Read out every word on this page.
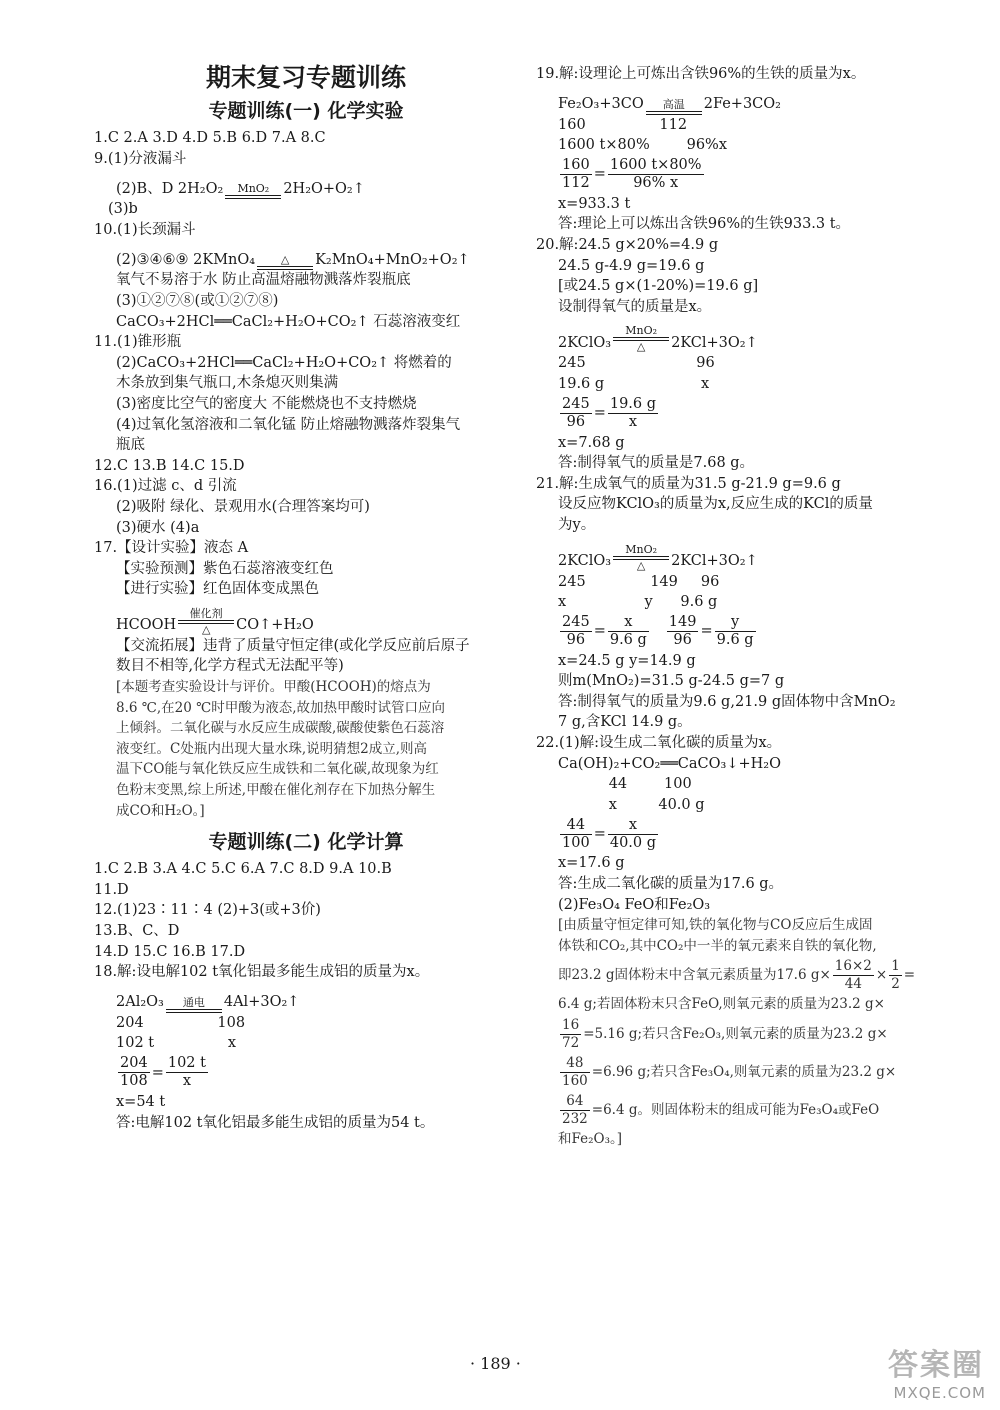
期末复习专题训练
专题训练(一) 化学实验
1.C 2.A 3.D 4.D 5.B 6.D 7.A 8.C
9.(1)分液漏斗
(2)B、D 2H₂O₂	MnO₂ 2H₂O+O₂↑
(3)b
10.(1)长颈漏斗
(2)③④⑥⑨ 2KMnO₄	△	K₂MnO₄+MnO₂+O₂↑
氧气不易溶于水 防止高温熔融物溅落炸裂瓶底
(3)①②⑦⑧(或①②⑦⑧)
CaCO₃+2HCl══CaCl₂+H₂O+CO₂↑ 石蕊溶液变红
11.(1)锥形瓶
(2)CaCO₃+2HCl══CaCl₂+H₂O+CO₂↑ 将燃着的
木条放到集气瓶口,木条熄灭则集满
(3)密度比空气的密度大 不能燃烧也不支持燃烧
(4)过氧化氢溶液和二氧化锰 防止熔融物溅落炸裂集气
瓶底
12.C 13.B 14.C 15.D
16.(1)过滤 c、d 引流
(2)吸附 绿化、景观用水(合理答案均可)
(3)硬水 (4)a
17.【设计实验】液态 A
【实验预测】紫色石蕊溶液变红色
【进行实验】红色固体变成黑色
HCOOH
催化剂
△	CO↑+H₂O
【交流拓展】违背了质量守恒定律(或化学反应前后原子
数目不相等,化学方程式无法配平等)
[本题考查实验设计与评价。甲酸(HCOOH)的熔点为
8.6 ℃,在20 ℃时甲酸为液态,故加热甲酸时试管口应向
上倾斜。二氧化碳与水反应生成碳酸,碳酸使紫色石蕊溶
液变红。C处瓶内出现大量水珠,说明猜想2成立,则高
温下CO能与氧化铁反应生成铁和二氧化碳,故现象为红
色粉末变黑,综上所述,甲酸在催化剂存在下加热分解生
成CO和H₂O。]
专题训练(二) 化学计算
1.C 2.B 3.A 4.C 5.C 6.A 7.C 8.D 9.A 10.B
11.D
12.(1)23∶11∶4 (2)+3(或+3价)
13.B、C、D
14.D 15.C 16.B 17.D
18.解:设电解102 t氧化铝最多能生成铝的质量为x。
2Al₂O₃	通电	4Al+3O₂↑
204                108
102 t                x
$\frac{204}{108} = \frac{102 t}{x}$
x=54 t
答:电解102 t氧化铝最多能生成铝的质量为54 t。
19.解:设理论上可炼出含铁96%的生铁的质量为x。
Fe₂O₃+3CO	高温	2Fe+3CO₂
160                112
1600 t×80%        96%x
$\frac{160}{112} = \frac{1600 t\times 80\%}{96\% x}$
x=933.3 t
答:理论上可以炼出含铁96%的生铁933.3 t。
20.解:24.5 g×20%=4.9 g
24.5 g-4.9 g=19.6 g
[或24.5 g×(1-20%)=19.6 g]
设制得氧气的质量是x。
2KClO₃
MnO₂
△	2KCl+3O₂↑
245                        96
19.6 g                     x
$\frac{245}{96} = \frac{19.6 g}{x}$
x=7.68 g
答:制得氧气的质量是7.68 g。
21.解:生成氧气的质量为31.5 g-21.9 g=9.6 g
设反应物KClO₃的质量为x,反应生成的KCl的质量
为y。
2KClO₃
MnO₂
△	2KCl+3O₂↑
245              149     96
x                 y      9.6 g
$\frac{245}{96} = \frac{x}{9.6 g} \frac{149}{96} = \frac{y}{9.6 g}$
x=24.5 g y=14.9 g
则m(MnO₂)=31.5 g-24.5 g=7 g
答:制得氧气的质量为9.6 g,21.9 g固体物中含MnO₂
7 g,含KCl 14.9 g。
22.(1)解:设生成二氧化碳的质量为x。
Ca(OH)₂+CO₂══CaCO₃↓+H₂O
44        100
x         40.0 g
$\frac{44}{100} = \frac{x}{40.0 g}$
x=17.6 g
答:生成二氧化碳的质量为17.6 g。
(2)Fe₃O₄ FeO和Fe₂O₃
[由质量守恒定律可知,铁的氧化物与CO反应后生成固
体铁和CO₂,其中CO₂中一半的氧元素来自铁的氧化物,
即23.2 g固体粉末中含氧元素质量为17.6 $g\times \frac{16\times 2}{44} \times \frac{1}{2}$ =
6.4 g;若固体粉末只含FeO,则氧元素的质量为23.2 g×
$\frac{16}{72} =5.16$ g;若只含Fe₂O₃,则氧元素的质量为23.2 g×
$\frac{48}{160} =6.96$ g;若只含Fe₃O₄,则氧元素的质量为23.2 g×
$\frac{64}{232} =6.4$ g。则固体粉末的组成可能为Fe₃O₄或FeO
和Fe₂O₃。]
· 189 ·	答案圈
MXQE.COM
